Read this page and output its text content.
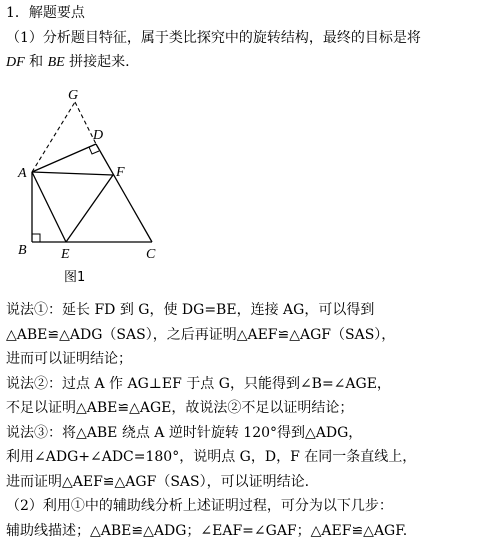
1．解题要点
（1）分析题目特征，属于类比探究中的旋转结构，最终的目标是将
DF 和 BE 拼接起来.
G
D
A	F
B E	C
图1
说法①：延长 FD 到 G，使 DG=BE，连接 AG，可以得到
△ABE≌△ADG（SAS），之后再证明△AEF≌△AGF（SAS），
进而可以证明结论；
说法②：过点 A 作 AG⊥EF 于点 G，只能得到∠B=∠AGE，
不足以证明△ABE≌△AGE，故说法②不足以证明结论；
说法③：将△ABE 绕点 A 逆时针旋转 120°得到△ADG，
利用∠ADG+∠ADC=180°，说明点 G，D，F 在同一条直线上，
进而证明△AEF≌△AGF（SAS），可以证明结论.
（2）利用①中的辅助线分析上述证明过程，可分为以下几步：
辅助线描述；△ABE≌△ADG；∠EAF=∠GAF；△AEF≌△AGF.
